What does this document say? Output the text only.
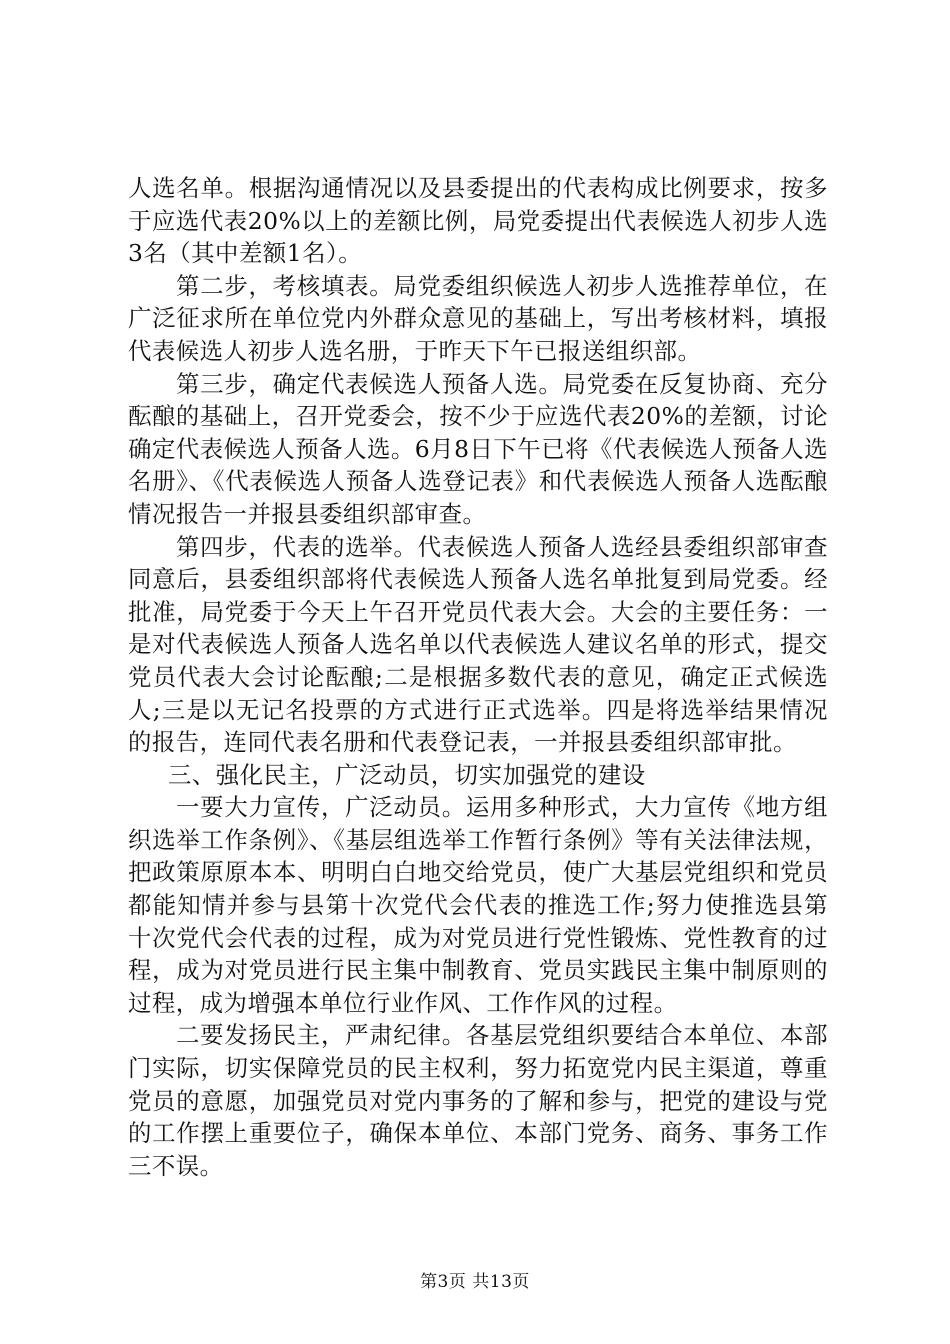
人选名单。根据沟通情况以及县委提出的代表构成比例要求，按多于应选代表20%以上的差额比例，局党委提出代表候选人初步人选3名（其中差额1名）。

第二步，考核填表。局党委组织候选人初步人选推荐单位，在广泛征求所在单位党内外群众意见的基础上，写出考核材料，填报代表候选人初步人选名册，于昨天下午已报送组织部。

第三步，确定代表候选人预备人选。局党委在反复协商、充分酝酿的基础上，召开党委会，按不少于应选代表20%的差额，讨论确定代表候选人预备人选。6月8日下午已将《代表候选人预备人选名册》、《代表候选人预备人选登记表》和代表候选人预备人选酝酿情况报告一并报县委组织部审查。

第四步，代表的选举。代表候选人预备人选经县委组织部审查同意后，县委组织部将代表候选人预备人选名单批复到局党委。经批准，局党委于今天上午召开党员代表大会。大会的主要任务：一是对代表候选人预备人选名单以代表候选人建议名单的形式，提交党员代表大会讨论酝酿;二是根据多数代表的意见，确定正式候选人;三是以无记名投票的方式进行正式选举。四是将选举结果情况的报告，连同代表名册和代表登记表，一并报县委组织部审批。

三、强化民主，广泛动员，切实加强党的建设

一要大力宣传，广泛动员。运用多种形式，大力宣传《地方组织选举工作条例》、《基层组选举工作暂行条例》等有关法律法规，把政策原原本本、明明白白地交给党员，使广大基层党组织和党员都能知情并参与县第十次党代会代表的推选工作;努力使推选县第十次党代会代表的过程，成为对党员进行党性锻炼、党性教育的过程，成为对党员进行民主集中制教育、党员实践民主集中制原则的过程，成为增强本单位行业作风、工作作风的过程。

二要发扬民主，严肃纪律。各基层党组织要结合本单位、本部门实际，切实保障党员的民主权利，努力拓宽党内民主渠道，尊重党员的意愿，加强党员对党内事务的了解和参与，把党的建设与党的工作摆上重要位子，确保本单位、本部门党务、商务、事务工作三不误。

第3页 共13页
